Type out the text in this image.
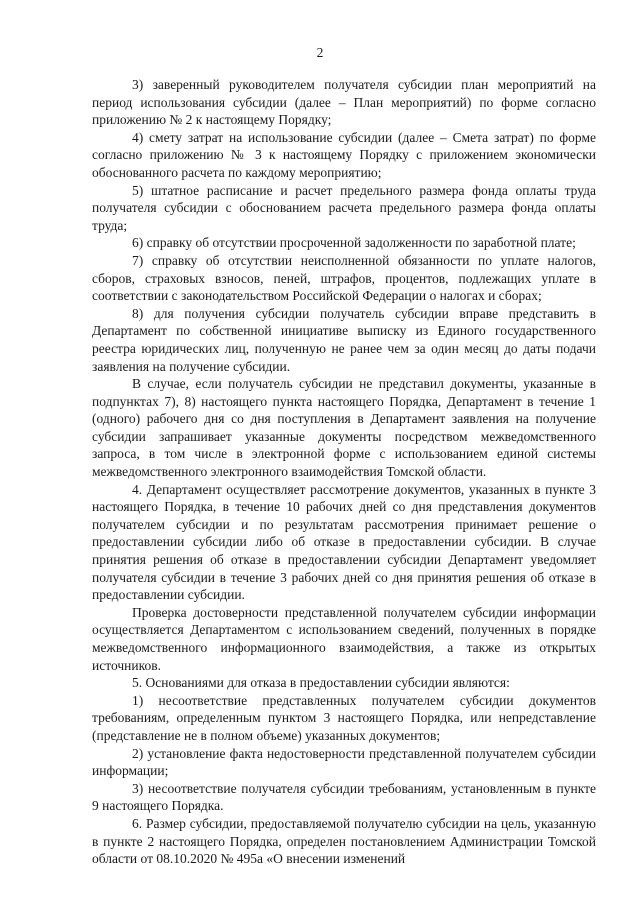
2

3) заверенный руководителем получателя субсидии план мероприятий на период использования субсидии (далее – План мероприятий) по форме согласно приложению № 2 к настоящему Порядку;

4) смету затрат на использование субсидии (далее – Смета затрат) по форме согласно приложению № 3 к настоящему Порядку с приложением экономически обоснованного расчета по каждому мероприятию;

5) штатное расписание и расчет предельного размера фонда оплаты труда получателя субсидии с обоснованием расчета предельного размера фонда оплаты труда;

6) справку об отсутствии просроченной задолженности по заработной плате;

7) справку об отсутствии неисполненной обязанности по уплате налогов, сборов, страховых взносов, пеней, штрафов, процентов, подлежащих уплате в соответствии с законодательством Российской Федерации о налогах и сборах;

8) для получения субсидии получатель субсидии вправе представить в Департамент по собственной инициативе выписку из Единого государственного реестра юридических лиц, полученную не ранее чем за один месяц до даты подачи заявления на получение субсидии.

В случае, если получатель субсидии не представил документы, указанные в подпунктах 7), 8) настоящего пункта настоящего Порядка, Департамент в течение 1 (одного) рабочего дня со дня поступления в Департамент заявления на получение субсидии запрашивает указанные документы посредством межведомственного запроса, в том числе в электронной форме с использованием единой системы межведомственного электронного взаимодействия Томской области.

4. Департамент осуществляет рассмотрение документов, указанных в пункте 3 настоящего Порядка, в течение 10 рабочих дней со дня представления документов получателем субсидии и по результатам рассмотрения принимает решение о предоставлении субсидии либо об отказе в предоставлении субсидии. В случае принятия решения об отказе в предоставлении субсидии Департамент уведомляет получателя субсидии в течение 3 рабочих дней со дня принятия решения об отказе в предоставлении субсидии.

Проверка достоверности представленной получателем субсидии информации осуществляется Департаментом с использованием сведений, полученных в порядке межведомственного информационного взаимодействия, а также из открытых источников.

5. Основаниями для отказа в предоставлении субсидии являются:

1) несоответствие представленных получателем субсидии документов требованиям, определенным пунктом 3 настоящего Порядка, или непредставление (представление не в полном объеме) указанных документов;

2) установление факта недостоверности представленной получателем субсидии информации;

3) несоответствие получателя субсидии требованиям, установленным в пункте 9 настоящего Порядка.

6. Размер субсидии, предоставляемой получателю субсидии на цель, указанную в пункте 2 настоящего Порядка, определен постановлением Администрации Томской области от 08.10.2020 № 495а «О внесении изменений
